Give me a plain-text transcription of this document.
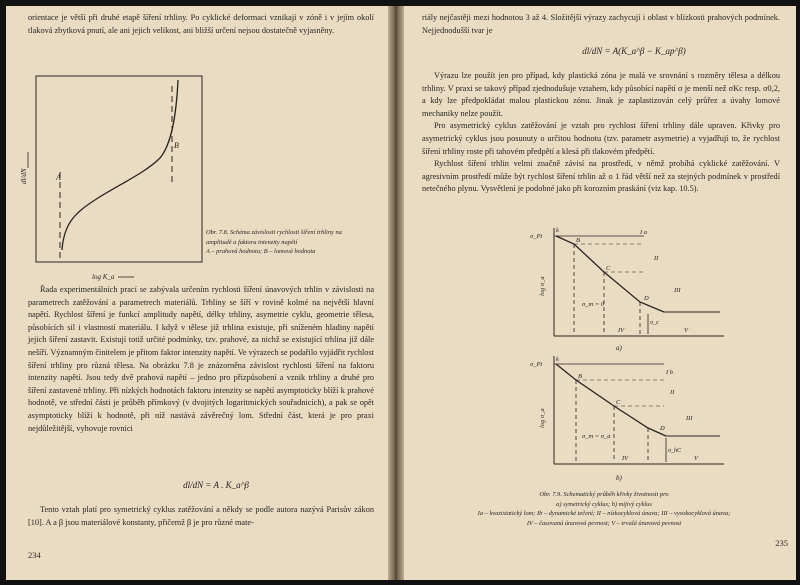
orientace je větší při druhé etapě šíření trhliny. Po cyklické deformaci vznikají v zóně i v jejím okolí tlaková zbytková pnutí, ale ani jejich velikost, ani bližší určení nejsou dostatečně vyjasněny.
A
B
dl/dN
log K_a

Obr. 7.8. Schéma závislosti rychlosti šíření trhliny na amplitudě a faktoru intenzity napětí

A – prahová hodnota; B – lomová hodnota

Řada experimentálních prací se zabývala určením rychlosti šíření únavových trhlin v závislosti na parametrech zatěžování a parametrech materiálů. Trhliny se šíří v rovině kolmé na největší hlavní napětí. Rychlost šíření je funkcí amplitudy napětí, délky trhliny, asymetrie cyklu, geometrie tělesa, působících sil i vlastností materiálu. I když v tělese již trhlina existuje, při sníženém hladiny napětí jejich šíření zastavit. Existují totiž určité podmínky, tzv. prahové, za nichž se existující trhlina již dále nešíří. Významným činitelem je přitom faktor intenzity napětí. Ve výrazech se podařilo vyjádřit rychlost šíření trhliny pro různá tělesa. Na obrázku 7.8 je znázorněna závislost rychlosti šíření na faktoru intenzity napětí. Jsou tedy dvě prahová napětí – jedno pro přizpůsobení a vznik trhliny a druhé pro šíření zastavené trhliny. Při nízkých hodnotách faktoru intenzity se napětí asymptoticky blíží k prahové hodnotě, ve střední části je průběh přímkový (v dvojitých logaritmických souřadnicích), a pak se opět asymptoticky blíží k hodnotě, při níž nastává závěrečný lom. Střední část, která je pro praxi nejdůležitější, vyhovuje rovnici
dl/dN = A . K_a^β
Tento vztah platí pro symetrický cyklus zatěžování a někdy se podle autora nazývá Parisův zákon [10]. A a β jsou materiálové konstanty, přičemž β je pro různé mate-
234
riály nejčastěji mezi hodnotou 3 až 4. Složitější výrazy zachycují i oblast v blízkosti prahových podmínek. Nejjednodušší tvar je
dl/dN = A(K_a^β − K_ap^β)

Výrazu lze použít jen pro případ, kdy plastická zóna je malá ve srovnání s rozměry tělesa a délkou trhliny. V praxi se takový případ zjednodušuje vztahem, kdy působící napětí σ je menší než σKc resp. σ0,2, a kdy lze předpokládat malou plastickou zónu. Jinak je zaplastizován celý průřez a úvahy lomové mechaniky nelze použít.

Pro asymetrický cyklus zatěžování je vztah pro rychlost šíření trhliny dále upraven. Křivky pro asymetrický cyklus jsou posunuty o určitou hodnotu (tzv. parametr asymetrie) a vyjadřují to, že rychlost šíření trhliny roste při tahovém předpětí a klesá při tlakovém předpětí.

Rychlost šíření trhlin velmi značně závisí na prostředí, v němž probíhá cyklické zatěžování. V agresivním prostředí může být rychlost šíření trhlin až o 1 řád větší než za stejných podmínek v prostředí netečného plynu. Vysvětlení je podobné jako při korozním praskání (viz kap. 10.5).

σ_Pt
log σ_a
k
B
C
D
I a
II
III
IV	V
σ_m = 0
σ_c
a)
σ_Pt
log σ_a
k
B
C
D
I b
II
III
IV	V
σ_m = σ_a
σ_hC
b)

Obr. 7.9. Schematický průběh křivky životnosti pro

a) symetrický cyklus; b) míjivý cyklus

Ia – kvazistatický lom; Ib – dynamické tečení; II – nízkocyklová únava; III – vysokocyklová únava;

IV – časovaná únavová pevnost; V – trvalá únavová pevnost

235
